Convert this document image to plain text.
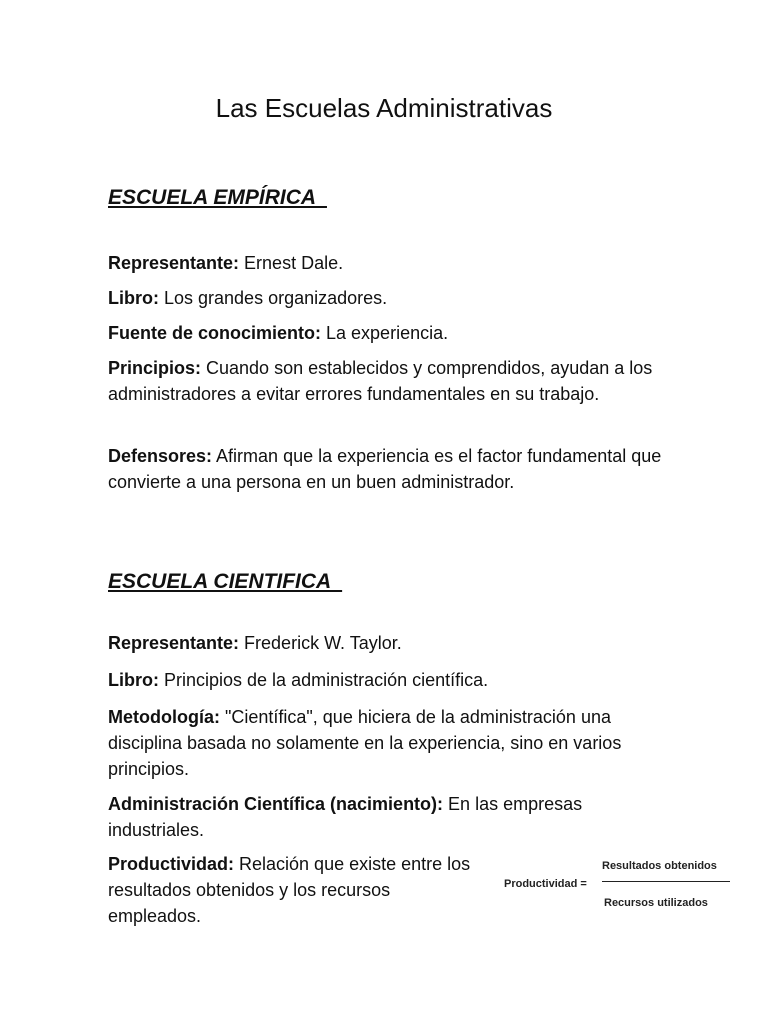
Las Escuelas Administrativas
ESCUELA EMPÍRICA

Representante: Ernest Dale.

Libro: Los grandes organizadores.

Fuente de conocimiento: La experiencia.

Principios: Cuando son establecidos y comprendidos, ayudan a los administradores a evitar errores fundamentales en su trabajo.

Defensores: Afirman que la experiencia es el factor fundamental que convierte a una persona en un buen administrador.

ESCUELA CIENTIFICA

Representante: Frederick W. Taylor.

Libro: Principios de la administración científica.

Metodología: "Científica", que hiciera de la administración una disciplina basada no solamente en la experiencia, sino en varios principios.

Administración Científica (nacimiento): En las empresas industriales.

Productividad: Relación que existe entre los resultados obtenidos y los recursos empleados.

Productividad =
Resultados obtenidos
Recursos utilizados
